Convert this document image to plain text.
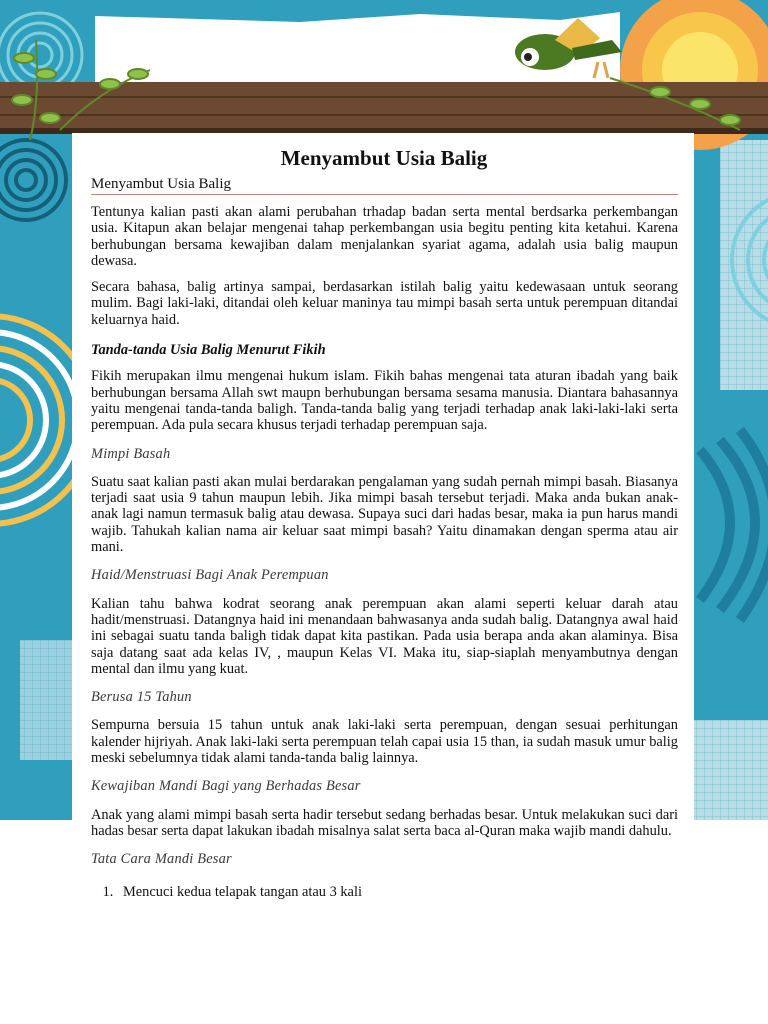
Menyambut Usia Balig
Menyambut Usia Balig

Tentunya kalian pasti akan alami perubahan trhadap badan serta mental berdsarka perkembangan usia. Kitapun akan belajar mengenai tahap perkembangan usia begitu penting kita ketahui. Karena berhubungan bersama kewajiban dalam menjalankan syariat agama, adalah usia balig maupun dewasa.

Secara bahasa, balig artinya sampai, berdasarkan istilah balig yaitu kedewasaan untuk seorang mulim. Bagi laki-laki, ditandai oleh keluar maninya tau mimpi basah serta untuk perempuan ditandai keluarnya haid.

Tanda-tanda Usia Balig Menurut Fikih

Fikih merupakan ilmu mengenai hukum islam. Fikih bahas mengenai tata aturan ibadah yang baik berhubungan bersama Allah swt maupn berhubungan bersama sesama manusia. Diantara bahasannya yaitu mengenai tanda-tanda baligh. Tanda-tanda balig yang terjadi terhadap anak laki-laki-laki serta perempuan. Ada pula secara khusus terjadi terhadap perempuan saja.

Mimpi Basah

Suatu saat kalian pasti akan mulai berdarakan pengalaman yang sudah pernah mimpi basah. Biasanya terjadi saat usia 9 tahun maupun lebih. Jika mimpi basah tersebut terjadi. Maka anda bukan anak-anak lagi namun termasuk balig atau dewasa. Supaya suci dari hadas besar, maka ia pun harus mandi wajib. Tahukah kalian nama air keluar saat mimpi basah? Yaitu dinamakan dengan sperma atau air mani.

Haid/Menstruasi Bagi Anak Perempuan

Kalian tahu bahwa kodrat seorang anak perempuan akan alami seperti keluar darah atau hadit/menstruasi. Datangnya haid ini menandaan bahwasanya anda sudah balig. Datangnya awal haid ini sebagai suatu tanda baligh tidak dapat kita pastikan. Pada usia berapa anda akan alaminya. Bisa saja datang saat ada kelas IV, , maupun Kelas VI. Maka itu, siap-siaplah menyambutnya dengan mental dan ilmu yang kuat.

Berusa 15 Tahun

Sempurna bersuia 15 tahun untuk anak laki-laki serta perempuan, dengan sesuai perhitungan kalender hijriyah. Anak laki-laki serta perempuan telah capai usia 15 than, ia sudah masuk umur balig meski sebelumnya tidak alami tanda-tanda balig lainnya.

Kewajiban Mandi Bagi yang Berhadas Besar

Anak yang alami mimpi basah serta hadir tersebut sedang berhadas besar. Untuk melakukan suci dari hadas besar serta dapat lakukan ibadah misalnya salat serta baca al-Quran maka wajib mandi dahulu.

Tata Cara Mandi Besar

1. Mencuci kedua telapak tangan atau 3 kali
